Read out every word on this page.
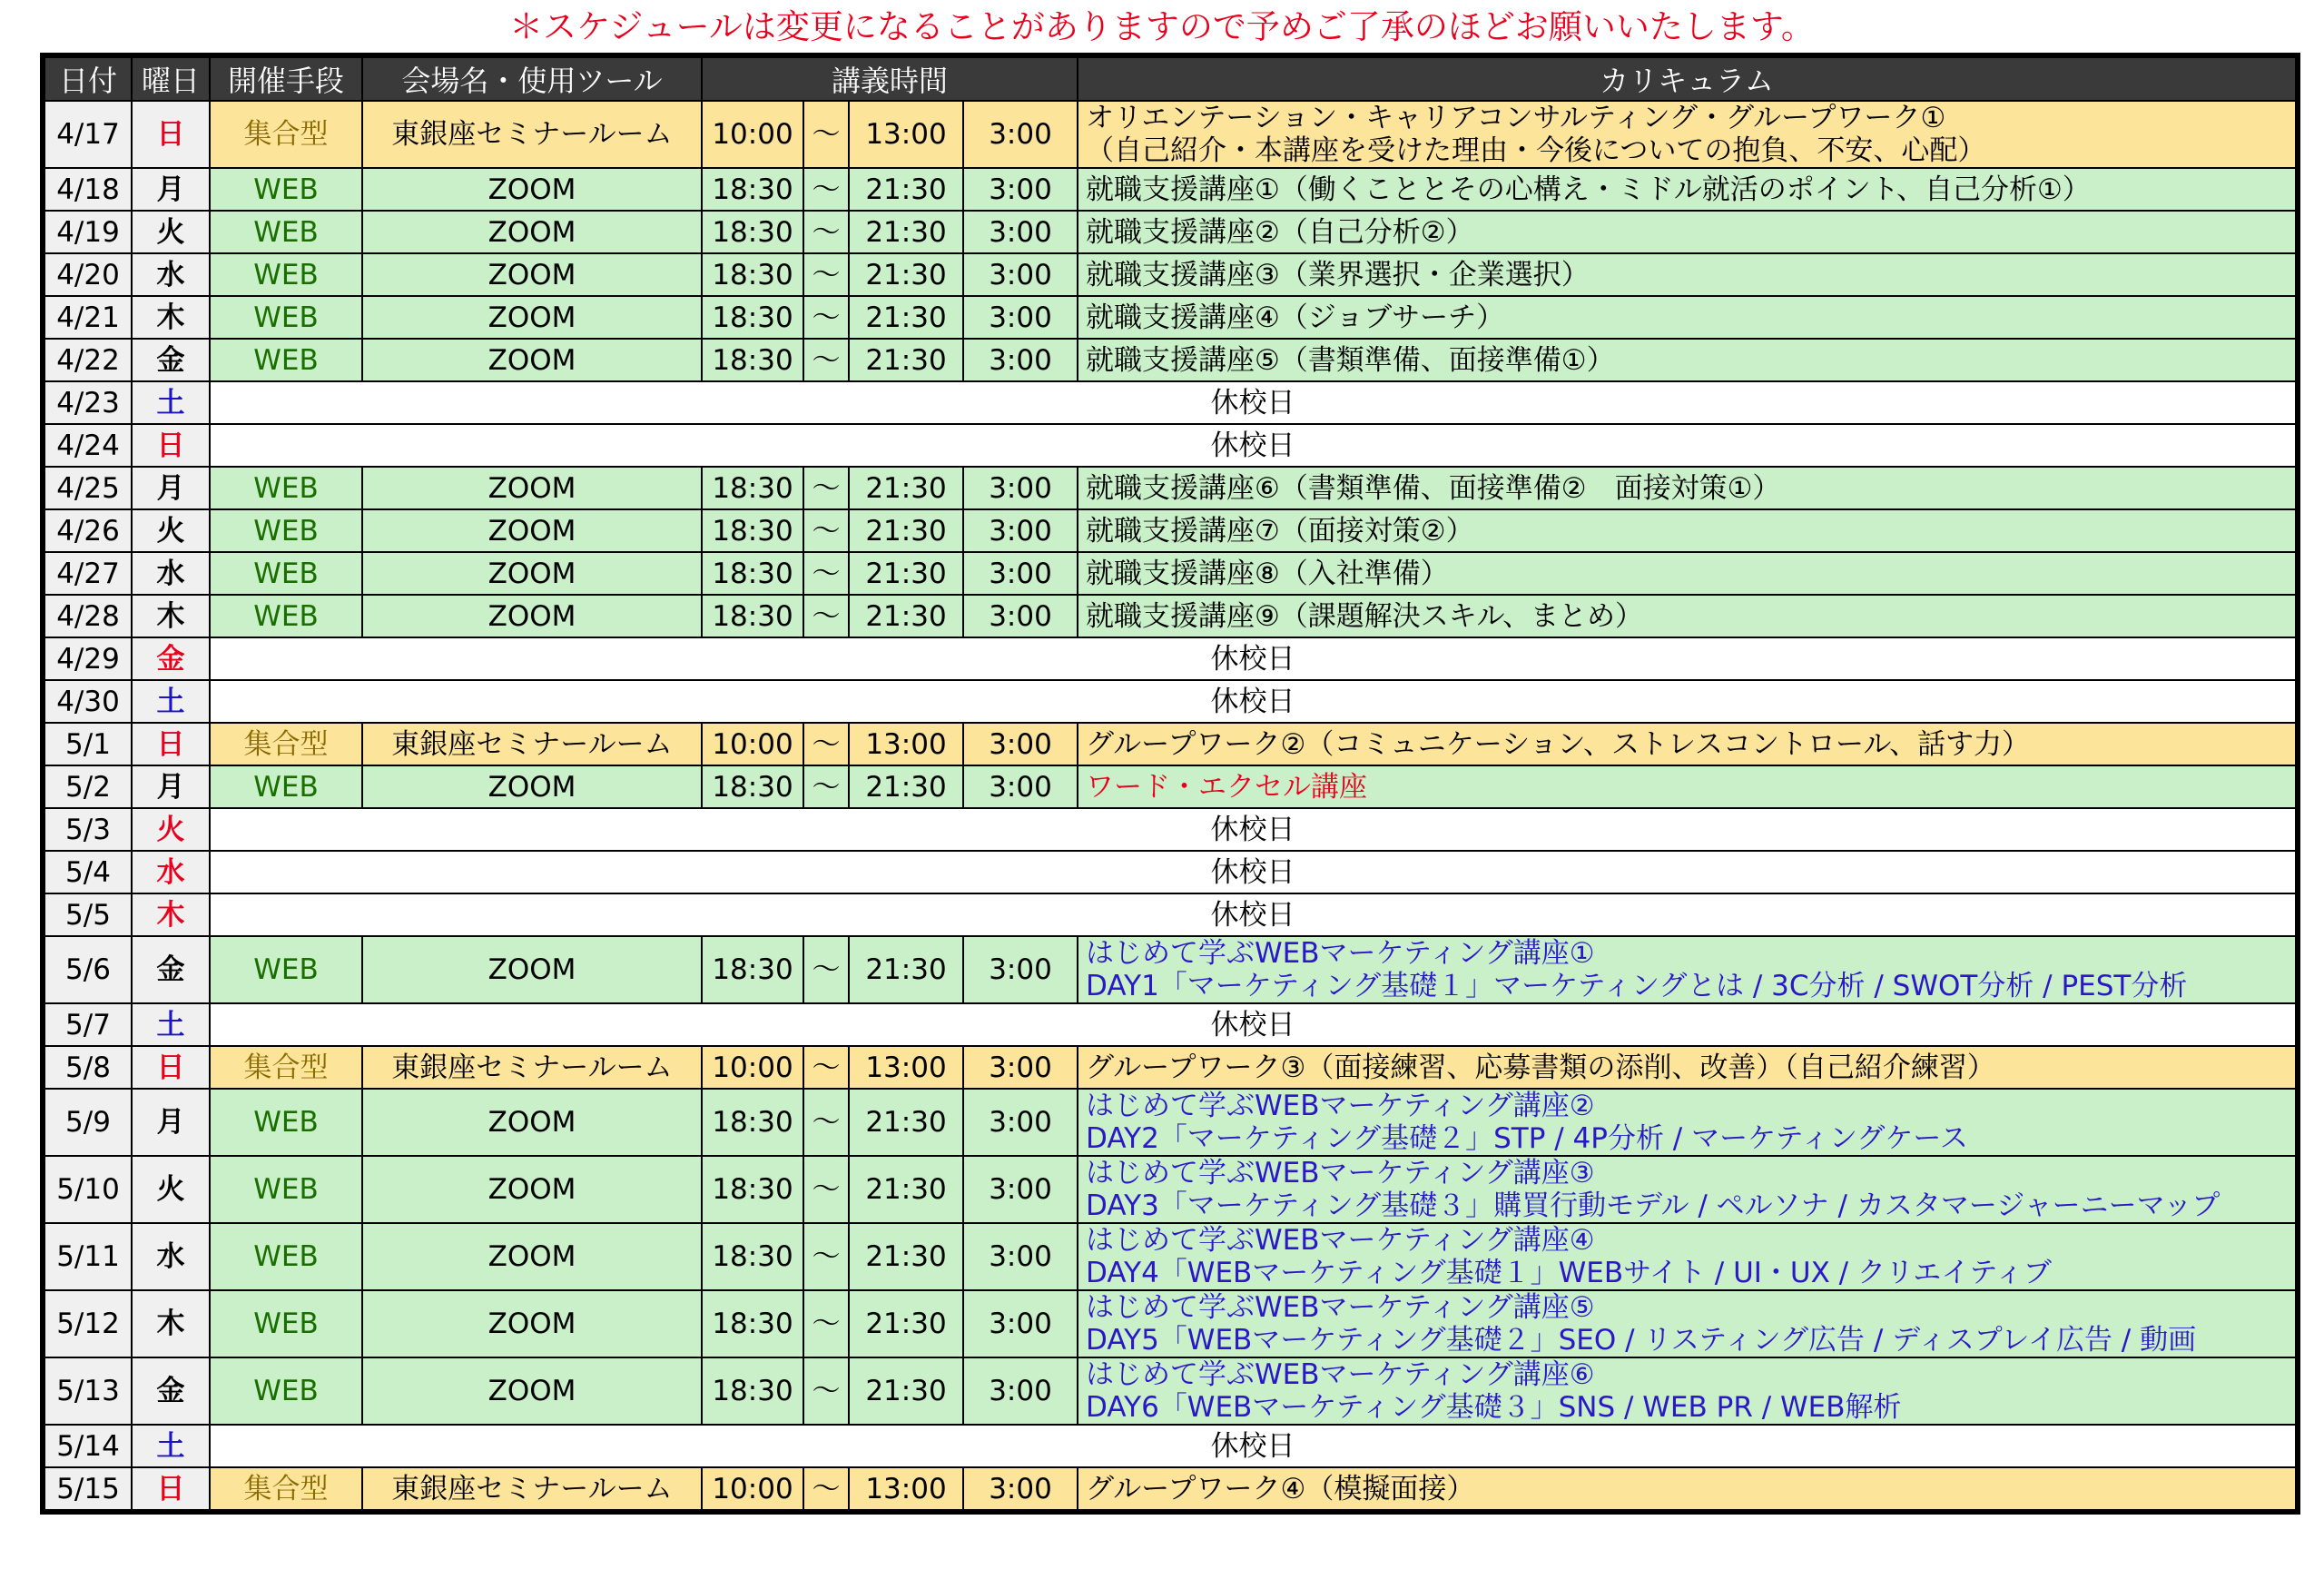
＊スケジュールは変更になることがありますので予めご了承のほどお願いいたします。
日付	曜日	開催手段	会場名・使用ツール	講義時間				カリキュラム
4/17	日	集合型	東銀座セミナールーム	10:00	～	13:00	3:00	オリエンテーション・キャリアコンサルティング・グループワーク①
（自己紹介・本講座を受けた理由・今後についての抱負、不安、心配）

4/18	月	WEB	ZOOM	18:30	～	21:30	3:00	就職支援講座①（働くこととその心構え・ミドル就活のポイント、自己分析①）

4/19	火	WEB	ZOOM	18:30	～	21:30	3:00	就職支援講座②（自己分析②）

4/20	水	WEB	ZOOM	18:30	～	21:30	3:00	就職支援講座③（業界選択・企業選択）

4/21	木	WEB	ZOOM	18:30	～	21:30	3:00	就職支援講座④（ジョブサーチ）

4/22	金	WEB	ZOOM	18:30	～	21:30	3:00	就職支援講座⑤（書類準備、面接準備①）

4/23	土	休校日						
4/24	日	休校日						
4/25	月	WEB	ZOOM	18:30	～	21:30	3:00	就職支援講座⑥（書類準備、面接準備②　面接対策①）

4/26	火	WEB	ZOOM	18:30	～	21:30	3:00	就職支援講座⑦（面接対策②）

4/27	水	WEB	ZOOM	18:30	～	21:30	3:00	就職支援講座⑧（入社準備）

4/28	木	WEB	ZOOM	18:30	～	21:30	3:00	就職支援講座⑨（課題解決スキル、まとめ）

4/29	金	休校日						
4/30	土	休校日						
5/1	日	集合型	東銀座セミナールーム	10:00	～	13:00	3:00	グループワーク②（コミュニケーション、ストレスコントロール、話す力）

5/2	月	WEB	ZOOM	18:30	～	21:30	3:00	ワード・エクセル講座

5/3	火	休校日						
5/4	水	休校日						
5/5	木	休校日						
5/6	金	WEB	ZOOM	18:30	～	21:30	3:00	はじめて学ぶWEBマーケティング講座①
DAY1「マーケティング基礎１」マーケティングとは / 3C分析 / SWOT分析 / PEST分析

5/7	土	休校日						
5/8	日	集合型	東銀座セミナールーム	10:00	～	13:00	3:00	グループワーク③（面接練習、応募書類の添削、改善）（自己紹介練習）

5/9	月	WEB	ZOOM	18:30	～	21:30	3:00	はじめて学ぶWEBマーケティング講座②
DAY2「マーケティング基礎２」STP / 4P分析 / マーケティングケース

5/10	火	WEB	ZOOM	18:30	～	21:30	3:00	はじめて学ぶWEBマーケティング講座③
DAY3「マーケティング基礎３」購買行動モデル / ペルソナ / カスタマージャーニーマップ

5/11	水	WEB	ZOOM	18:30	～	21:30	3:00	はじめて学ぶWEBマーケティング講座④
DAY4「WEBマーケティング基礎１」WEBサイト / UI・UX / クリエイティブ

5/12	木	WEB	ZOOM	18:30	～	21:30	3:00	はじめて学ぶWEBマーケティング講座⑤
DAY5「WEBマーケティング基礎２」SEO / リスティング広告 / ディスプレイ広告 / 動画

5/13	金	WEB	ZOOM	18:30	～	21:30	3:00	はじめて学ぶWEBマーケティング講座⑥
DAY6「WEBマーケティング基礎３」SNS / WEB PR / WEB解析

5/14	土	休校日						
5/15	日	集合型	東銀座セミナールーム	10:00	～	13:00	3:00	グループワーク④（模擬面接）
